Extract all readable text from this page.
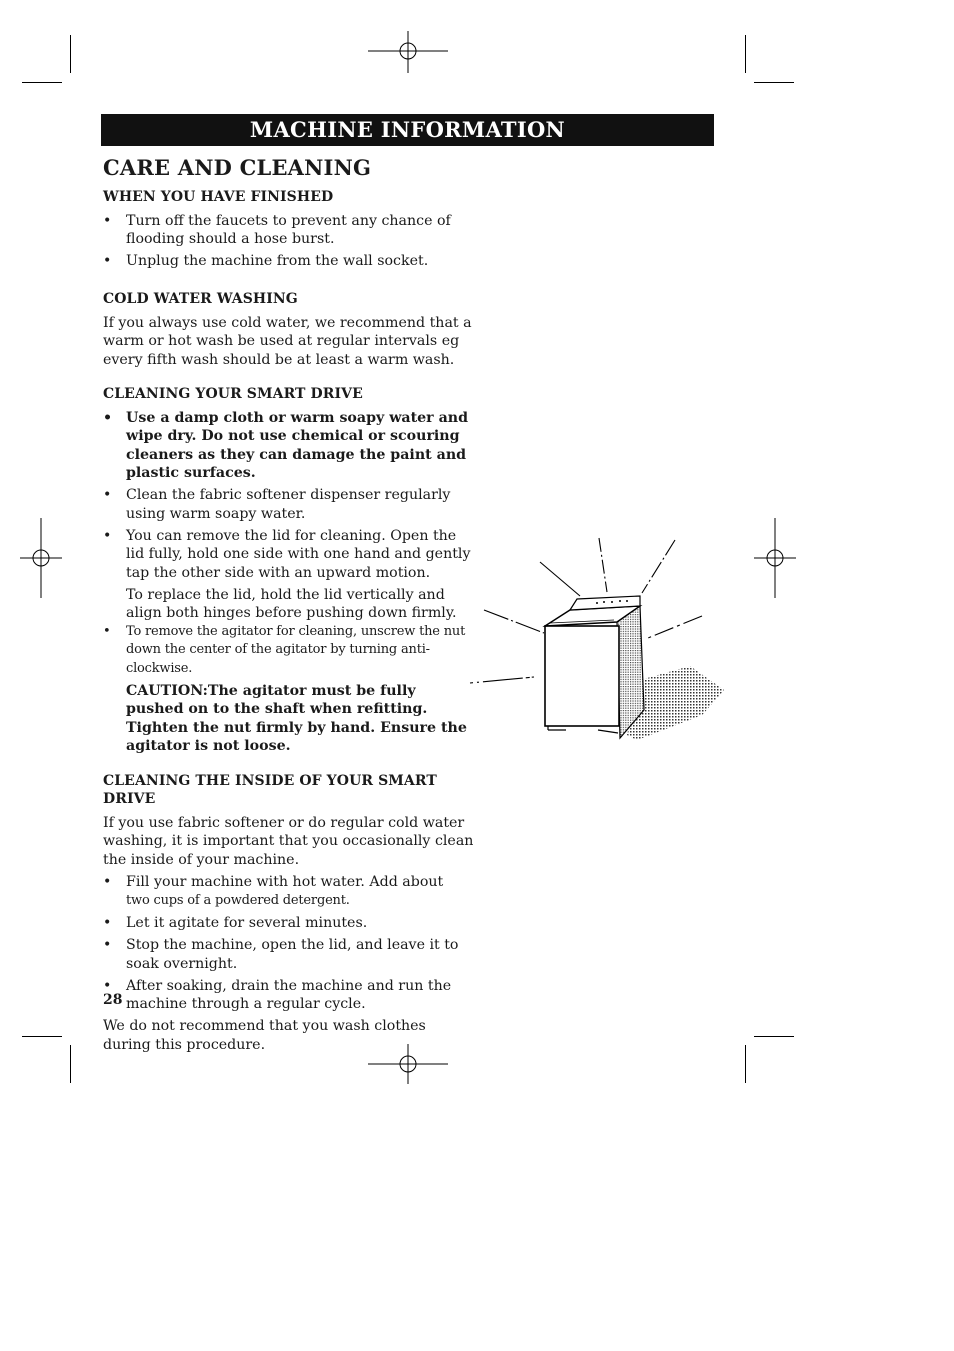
MACHINE INFORMATION
CARE AND CLEANING
WHEN YOU HAVE FINISHED
• Turn off the faucets to prevent any chance of flooding should a hose burst.
• Unplug the machine from the wall socket.
COLD WATER WASHING

If you always use cold water, we recommend that a warm or hot wash be used at regular intervals eg every fifth wash should be at least a warm wash.

CLEANING YOUR SMART DRIVE
• Use a damp cloth or warm soapy water and wipe dry. Do not use chemical or scouring cleaners as they can damage the paint and plastic surfaces.
• Clean the fabric softener dispenser regularly using warm soapy water.
• You can remove the lid for cleaning. Open the lid fully, hold one side with one hand and gently tap the other side with an upward motion.

To replace the lid, hold the lid vertically and align both hinges before pushing down firmly.

• To remove the agitator for cleaning, unscrew the nut down the center of the agitator by turning anti-clockwise.

CAUTION:The agitator must be fully pushed on to the shaft when refitting. Tighten the nut firmly by hand. Ensure the agitator is not loose.

CLEANING THE INSIDE OF YOUR SMART DRIVE

If you use fabric softener or do regular cold water washing, it is important that you occasionally clean the inside of your machine.

• Fill your machine with hot water. Add about
two cups of a powdered detergent.
• Let it agitate for several minutes.
• Stop the machine, open the lid, and leave it to soak overnight.
• After soaking, drain the machine and run the machine through a regular cycle.

We do not recommend that you wash clothes during this procedure.

28
